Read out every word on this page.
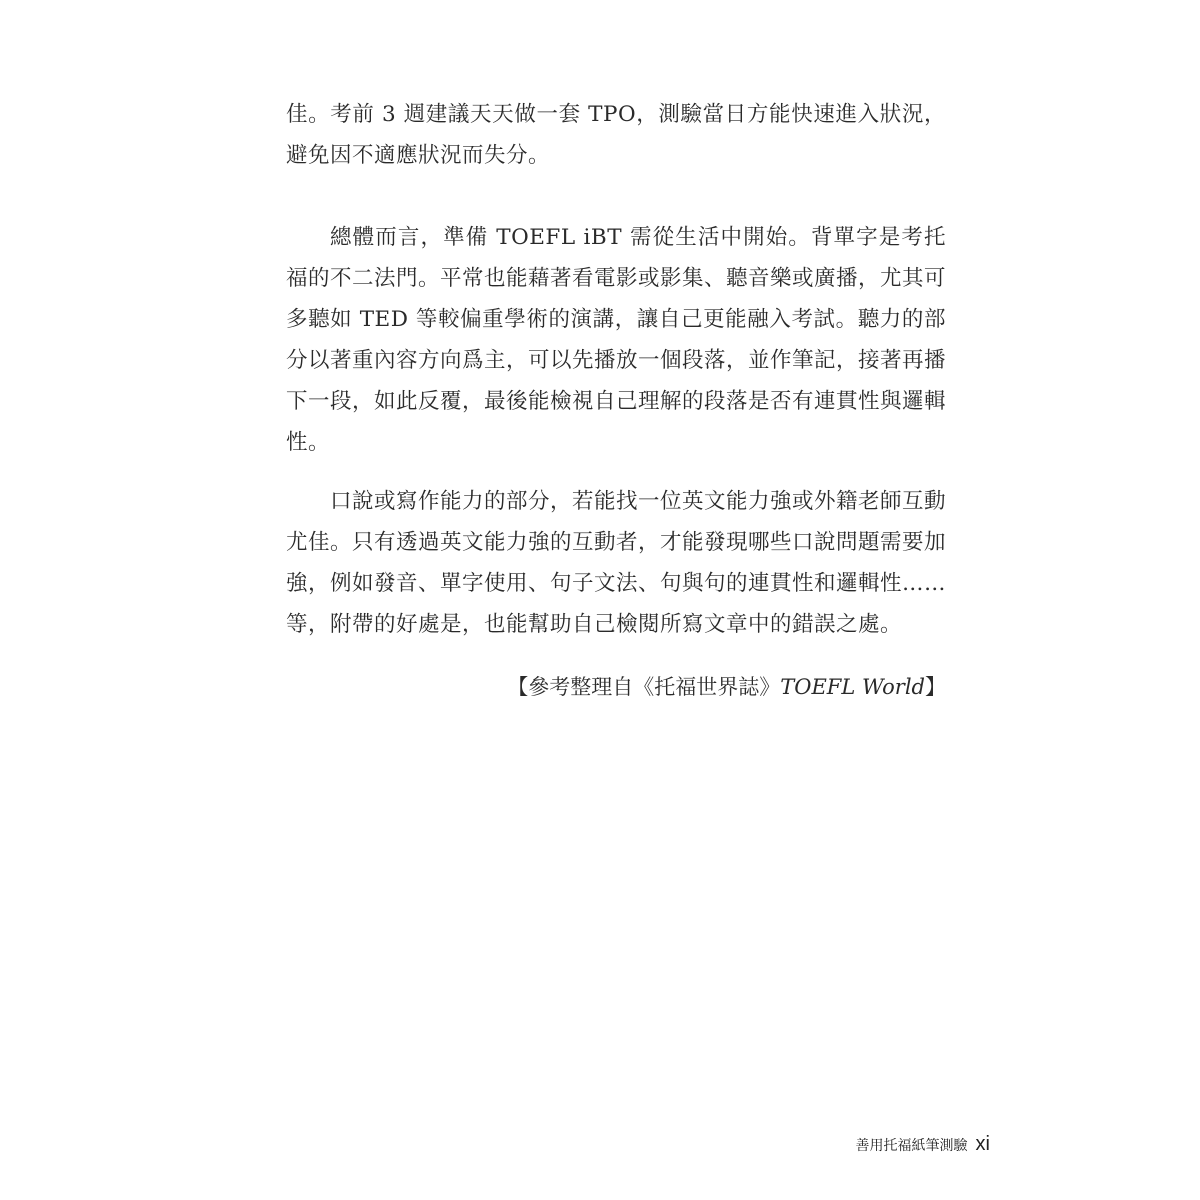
佳。考前 3 週建議天天做一套 TPO，測驗當日方能快速進入狀況，避免因不適應狀況而失分。

總體而言，準備 TOEFL iBT 需從生活中開始。背單字是考托福的不二法門。平常也能藉著看電影或影集、聽音樂或廣播，尤其可多聽如 TED 等較偏重學術的演講，讓自己更能融入考試。聽力的部分以著重內容方向爲主，可以先播放一個段落，並作筆記，接著再播下一段，如此反覆，最後能檢視自己理解的段落是否有連貫性與邏輯性。

口說或寫作能力的部分，若能找一位英文能力強或外籍老師互動尤佳。只有透過英文能力強的互動者，才能發現哪些口說問題需要加強，例如發音、單字使用、句子文法、句與句的連貫性和邏輯性……等，附帶的好處是，也能幫助自己檢閱所寫文章中的錯誤之處。

【參考整理自《托福世界誌》TOEFL World】
善用托福紙筆測驗 xi
